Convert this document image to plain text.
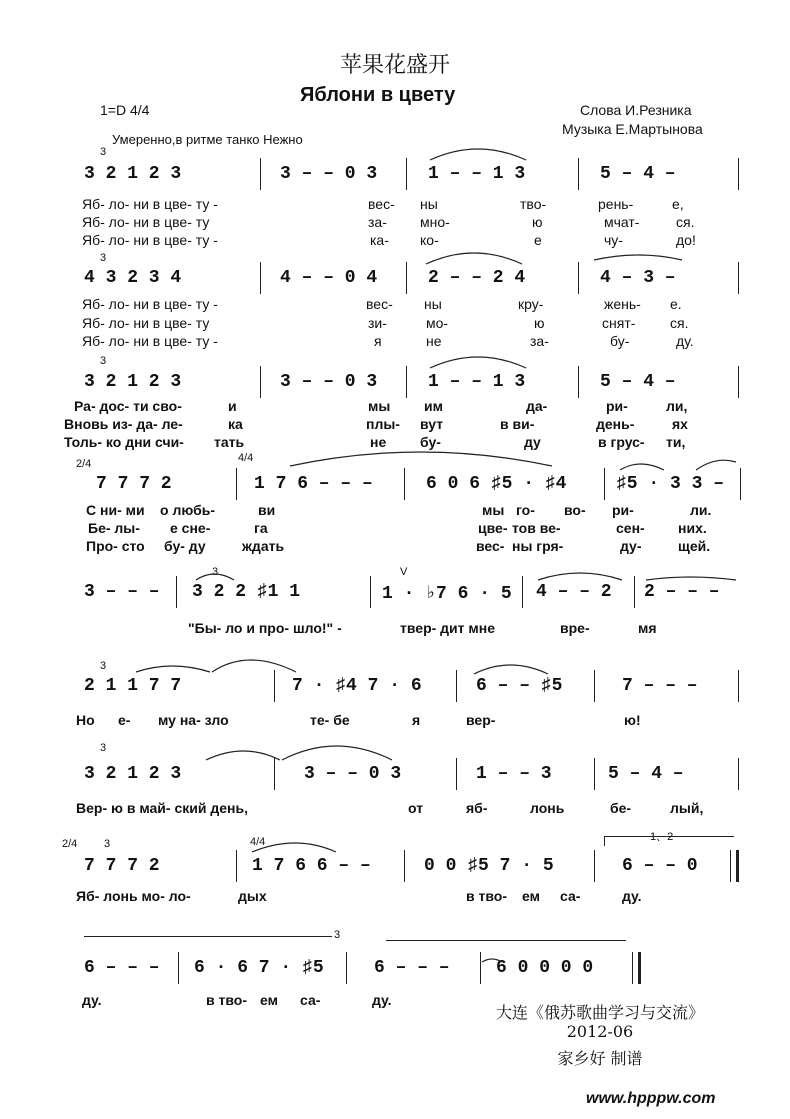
苹果花盛开
Яблони в цвету
1=D 4/4	Слова И.Резника
Музыка Е.Мартынова
Умеренно,в ритме танко Нежно
3
3 2 1 2 3	3 – – 0 3	1 – – 1 3	5 – 4 –
Яб- ло- ни в цве- ту -	вес- ны	тво-	рень-	е,
Яб- ло- ни в цве- ту	за- мно-	ю	мчат-	ся.
Яб- ло- ни в цве- ту -	ка- ко-	е	чу-	до!
3
4 3 2 3 4	4 – – 0 4	2 – – 2 4	4 – 3 –
Яб- ло- ни в цве- ту -	вес- ны	кру-	жень- е.
Яб- ло- ни в цве- ту	зи-	мо-	ю	снят- ся.
Яб- ло- ни в цве- ту -	я	не	за-	бу-	ду.
3
3 2 1 2 3	3 – – 0 3	1 – – 1 3	5 – 4 –
Ра- дос- ти сво-	и	мы им	да-	ри-	ли,
Вновь из- да- ле-	ка	плы- вут	в ви-	день-	ях
Толь- ко дни счи- тать	не бу-	ду	в грус- ти,
2/4	4/4
7 7 7 2	1 7 6 – – –	6 0 6 ♯5 · ♯4	♯5 · 3 3 –
С ни- ми о любь-	ви	мы го- во- ри-	ли.
Бе- лы- е сне-	га	цве- тов ве-	сен- них.
Про- сто бу- ду	ждать	вес- ны гря-	ду-	щей.
3	V
3 – – – 3 2 2 ♯1 1	1 · ♭7 6 · 5 4 – – 2 2 – – –
"Бы- ло и про- шло!" -	твер- дит мне	вре-	мя
3
2 1 1 7 7	7 · ♯4 7 · 6	6 – – ♯5	7 – – –
Но е- му на- зло	те- бе	я	вер-	ю!
3
3 2 1 2 3	3 – – 0 3	1 – – 3	5 – 4 –
Вер- ю в май- ский день,	от	яб-	лонь	бе-	лый,
2/4 3	4/4	1、2
7 7 7 2	1 7 6 6 – –	0 0 ♯5 7 · 5	6 – – 0
Яб- лонь мо- ло-	дых	в тво- ем са-	ду.
3
6 – – – 6 · 6 7 · ♯5	6 – – –	6 0 0 0 0
ду.	в тво- ем са-	ду.
大连《俄苏歌曲学习与交流》
2012-06
家乡好 制谱
www.hpppw.com
